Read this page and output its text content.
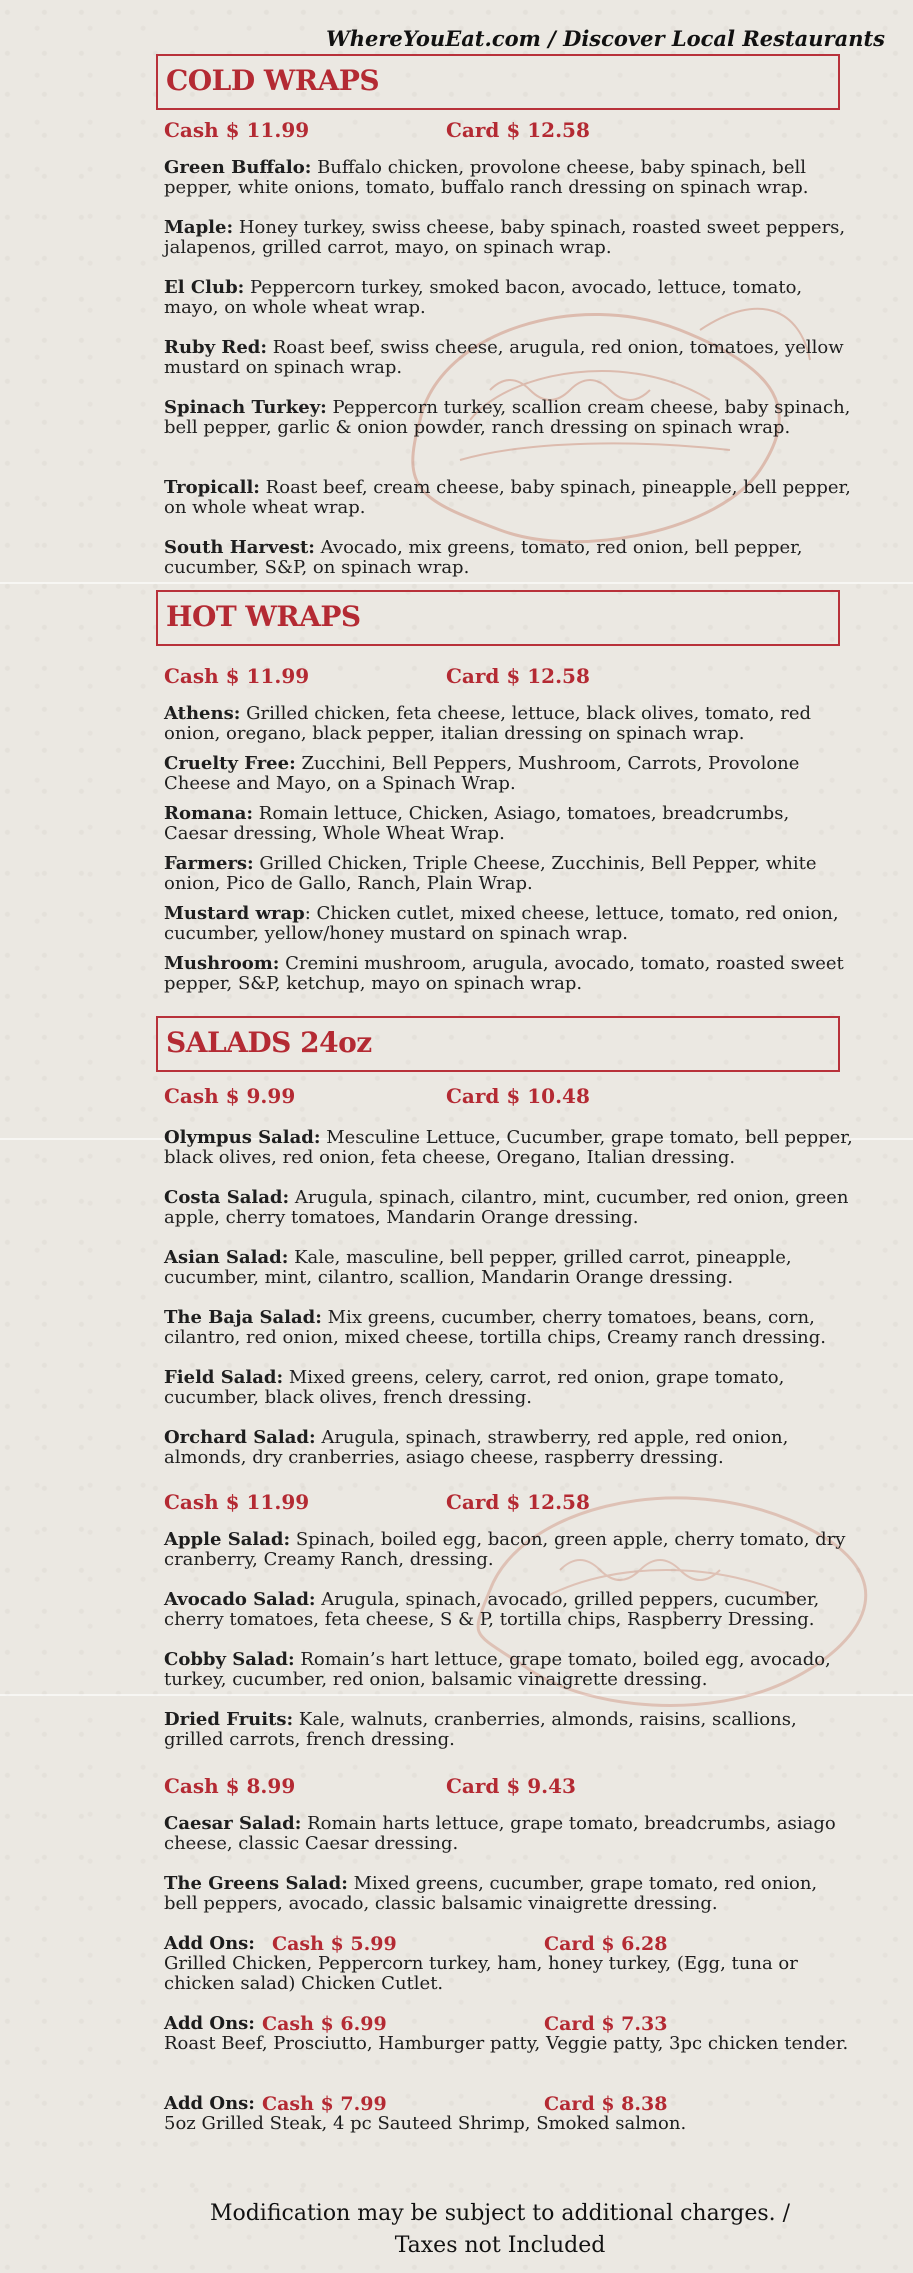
WhereYouEat.com / Discover Local Restaurants
COLD WRAPS
Cash $ 11.99	Card $ 12.58
Green Buffalo: Buffalo chicken, provolone cheese, baby spinach, bell pepper, white onions, tomato, buffalo ranch dressing on spinach wrap.
Maple: Honey turkey, swiss cheese, baby spinach, roasted sweet peppers, jalapenos, grilled carrot, mayo, on spinach wrap.
El Club: Peppercorn turkey, smoked bacon, avocado, lettuce, tomato, mayo, on whole wheat wrap.
Ruby Red: Roast beef, swiss cheese, arugula, red onion, tomatoes, yellow mustard on spinach wrap.
Spinach Turkey: Peppercorn turkey, scallion cream cheese, baby spinach, bell pepper, garlic & onion powder, ranch dressing on spinach wrap.
Tropicall: Roast beef, cream cheese, baby spinach, pineapple, bell pepper, on whole wheat wrap.
South Harvest: Avocado, mix greens, tomato, red onion, bell pepper, cucumber, S&P, on spinach wrap.
HOT WRAPS
Cash $ 11.99	Card $ 12.58
Athens: Grilled chicken, feta cheese, lettuce, black olives, tomato, red onion, oregano, black pepper, italian dressing on spinach wrap.
Cruelty Free: Zucchini, Bell Peppers, Mushroom, Carrots, Provolone Cheese and Mayo, on a Spinach Wrap.
Romana: Romain lettuce, Chicken, Asiago, tomatoes, breadcrumbs, Caesar dressing, Whole Wheat Wrap.
Farmers: Grilled Chicken, Triple Cheese, Zucchinis, Bell Pepper, white onion, Pico de Gallo, Ranch, Plain Wrap.
Mustard wrap: Chicken cutlet, mixed cheese, lettuce, tomato, red onion, cucumber, yellow/honey mustard on spinach wrap.
Mushroom: Cremini mushroom, arugula, avocado, tomato, roasted sweet pepper, S&P, ketchup, mayo on spinach wrap.
SALADS 24oz
Cash $ 9.99	Card $ 10.48
Olympus Salad: Mesculine Lettuce, Cucumber, grape tomato, bell pepper, black olives, red onion, feta cheese, Oregano, Italian dressing.
Costa Salad: Arugula, spinach, cilantro, mint, cucumber, red onion, green apple, cherry tomatoes, Mandarin Orange dressing.
Asian Salad: Kale, masculine, bell pepper, grilled carrot, pineapple, cucumber, mint, cilantro, scallion, Mandarin Orange dressing.
The Baja Salad: Mix greens, cucumber, cherry tomatoes, beans, corn, cilantro, red onion, mixed cheese, tortilla chips, Creamy ranch dressing.
Field Salad: Mixed greens, celery, carrot, red onion, grape tomato, cucumber, black olives, french dressing.
Orchard Salad: Arugula, spinach, strawberry, red apple, red onion, almonds, dry cranberries, asiago cheese, raspberry dressing.
Cash $ 11.99	Card $ 12.58
Apple Salad: Spinach, boiled egg, bacon, green apple, cherry tomato, dry cranberry, Creamy Ranch, dressing.
Avocado Salad: Arugula, spinach, avocado, grilled peppers, cucumber, cherry tomatoes, feta cheese, S & P, tortilla chips, Raspberry Dressing.
Cobby Salad: Romain’s hart lettuce, grape tomato, boiled egg, avocado, turkey, cucumber, red onion, balsamic vinaigrette dressing.
Dried Fruits: Kale, walnuts, cranberries, almonds, raisins, scallions, grilled carrots, french dressing.
Cash $ 8.99	Card $ 9.43
Caesar Salad: Romain harts lettuce, grape tomato, breadcrumbs, asiago cheese, classic Caesar dressing.
The Greens Salad: Mixed greens, cucumber, grape tomato, red onion, bell peppers, avocado, classic balsamic vinaigrette dressing.
Add Ons: Cash $ 5.99	Card $ 6.28
Grilled Chicken, Peppercorn turkey, ham, honey turkey, (Egg, tuna or chicken salad) Chicken Cutlet.
Add Ons: Cash $ 6.99	Card $ 7.33
Roast Beef, Prosciutto, Hamburger patty, Veggie patty, 3pc chicken tender.
Add Ons: Cash $ 7.99	Card $ 8.38
5oz Grilled Steak, 4 pc Sauteed Shrimp, Smoked salmon.
Modification may be subject to additional charges. /
Taxes not Included
